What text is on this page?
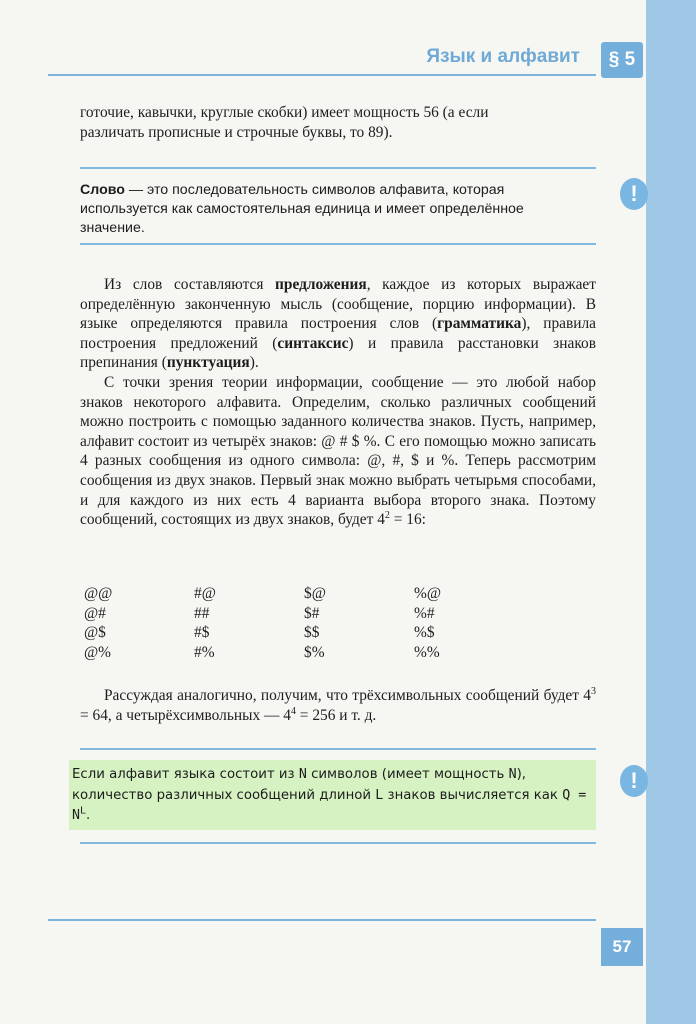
Язык и алфавит	§ 5

готочие, кавычки, круглые скобки) имеет мощность 56 (а если

различать прописные и строчные буквы, то 89).

Слово — это последовательность символов алфавита, которая используется как самостоятельная единица и имеет определённое значение.
!

Из слов составляются предложения, каждое из которых выражает определённую законченную мысль (сообщение, порцию информации). В языке определяются правила построения слов (грамматика), правила построения предложений (синтаксис) и правила расстановки знаков препинания (пунктуация).

С точки зрения теории информации, сообщение — это любой набор знаков некоторого алфавита. Определим, сколько различных сообщений можно построить с помощью заданного количества знаков. Пусть, например, алфавит состоит из четырёх знаков: @ # $ %. С его помощью можно записать 4 разных сообщения из одного символа: @, #, $ и %. Теперь рассмотрим сообщения из двух знаков. Первый знак можно выбрать четырьмя способами, и для каждого из них есть 4 варианта выбора второго знака. Поэтому сообщений, состоящих из двух знаков, будет $4^2 = 16$:

@@	#@	$@	%@
@#	##	$#	%#
@$	#$	$$	%$
@%	#%	$%	%%

Рассуждая аналогично, получим, что трёхсимвольных сообщений будет $4^3 = 64$, а четырёхсимвольных — $4^4 = 256$ и т. д.

Если алфавит языка состоит из N символов (имеет мощность N), количество различных сообщений длиной L знаков вычисляется как $Q = N^L$.
!
57
